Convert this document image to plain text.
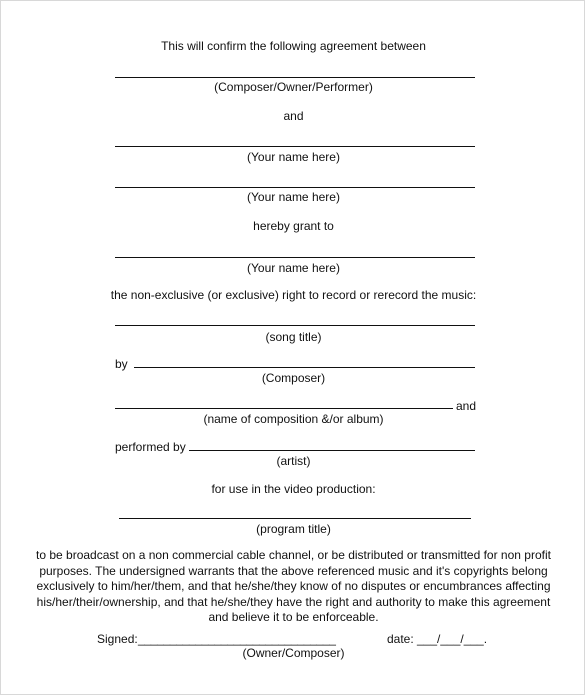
This will confirm the following agreement between
(Composer/Owner/Performer)
and
(Your name here)
(Your name here)
hereby grant to
(Your name here)
the non-exclusive (or exclusive) right to record or rerecord the music:
(song title)
by
(Composer)
and
(name of composition &/or album)
performed by
(artist)
for use in the video production:
(program title)
to be broadcast on a non commercial cable channel, or be distributed or transmitted for non profit
purposes. The undersigned warrants that the above referenced music and it's copyrights belong
exclusively to him/her/them, and that he/she/they know of no disputes or encumbrances affecting
his/her/their/ownership, and that he/she/they have the right and authority to make this agreement
and believe it to be enforceable.
Signed: _______________________________	date: ___/___/___.
(Owner/Composer)
